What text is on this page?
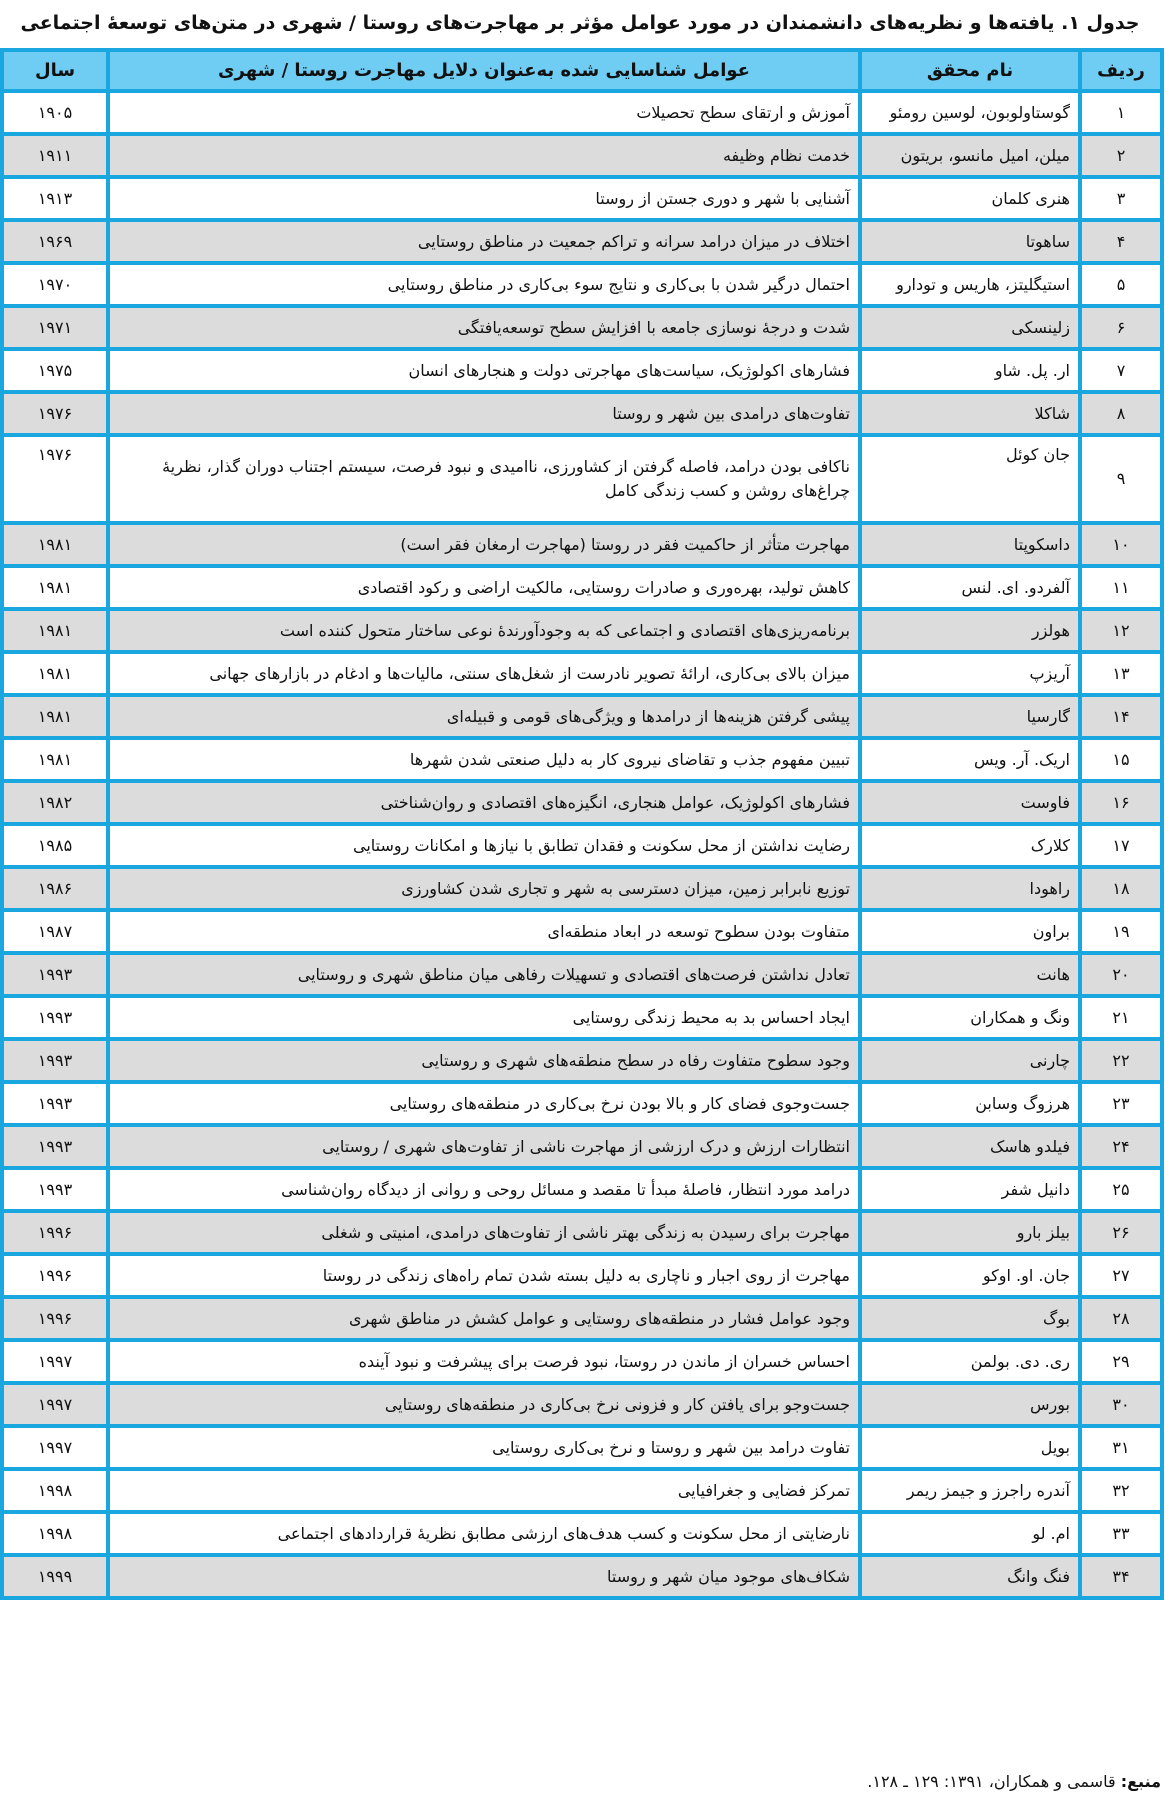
جدول ۱. یافته‌ها و نظریه‌های دانشمندان در مورد عوامل مؤثر بر مهاجرت‌های روستا / شهری در متن‌های توسعهٔ اجتماعی
ردیف	نام محقق	عوامل شناسایی شده به‌عنوان دلایل مهاجرت روستا / شهری	سال
۱	گوستاولوبون، لوسین رومئو	آموزش و ارتقای سطح تحصیلات	۱۹۰۵
۲	میلن، امیل مانسو، بریتون	خدمت نظام وظیفه	۱۹۱۱
۳	هنری کلمان	آشنایی با شهر و دوری جستن از روستا	۱۹۱۳
۴	ساهوتا	اختلاف در میزان درامد سرانه و تراکم جمعیت در مناطق روستایی	۱۹۶۹
۵	استیگلیتز، هاریس و تودارو	احتمال درگیر شدن با بی‌کاری و نتایج سوء بی‌کاری در مناطق روستایی	۱۹۷۰
۶	زلینسکی	شدت و درجهٔ نوسازی جامعه با افزایش سطح توسعه‌یافتگی	۱۹۷۱
۷	ار. پل. شاو	فشارهای اکولوژیک، سیاست‌های مهاجرتی دولت و هنجارهای انسان	۱۹۷۵
۸	شاکلا	تفاوت‌های درامدی بین شهر و روستا	۱۹۷۶
۹	جان کوئل	ناکافی بودن درامد، فاصله گرفتن از کشاورزی، ناامیدی و نبود فرصت، سیستم اجتناب دوران گذار، نظریهٔ چراغ‌های روشن و کسب زندگی کامل	۱۹۷۶
۱۰	داسکوپتا	مهاجرت متأثر از حاکمیت فقر در روستا (مهاجرت ارمغان فقر است)	۱۹۸۱
۱۱	آلفردو. ای. لنس	کاهش تولید، بهره‌وری و صادرات روستایی، مالکیت اراضی و رکود اقتصادی	۱۹۸۱
۱۲	هولزر	برنامه‌ریزی‌های اقتصادی و اجتماعی که به وجودآورندهٔ نوعی ساختار متحول کننده است	۱۹۸۱
۱۳	آریزپ	میزان بالای بی‌کاری، ارائهٔ تصویر نادرست از شغل‌های سنتی، مالیات‌ها و ادغام در بازارهای جهانی	۱۹۸۱
۱۴	گارسیا	پیشی گرفتن هزینه‌ها از درامدها و ویژگی‌های قومی و قبیله‌ای	۱۹۸۱
۱۵	اریک. آر. ویس	تبیین مفهوم جذب و تقاضای نیروی کار به دلیل صنعتی شدن شهرها	۱۹۸۱
۱۶	فاوست	فشارهای اکولوژیک، عوامل هنجاری، انگیزه‌های اقتصادی و روان‌شناختی	۱۹۸۲
۱۷	کلارک	رضایت نداشتن از محل سکونت و فقدان تطابق با نیازها و امکانات روستایی	۱۹۸۵
۱۸	راهودا	توزیع نابرابر زمین، میزان دسترسی به شهر و تجاری شدن کشاورزی	۱۹۸۶
۱۹	براون	متفاوت بودن سطوح توسعه در ابعاد منطقه‌ای	۱۹۸۷
۲۰	هانت	تعادل نداشتن فرصت‌های اقتصادی و تسهیلات رفاهی میان مناطق شهری و روستایی	۱۹۹۳
۲۱	ونگ و همکاران	ایجاد احساس بد به محیط زندگی روستایی	۱۹۹۳
۲۲	چارنی	وجود سطوح متفاوت رفاه در سطح منطقه‌های شهری و روستایی	۱۹۹۳
۲۳	هرزوگ وسابن	جست‌وجوی فضای کار و بالا بودن نرخ بی‌کاری در منطقه‌های روستایی	۱۹۹۳
۲۴	فیلدو هاسک	انتظارات ارزش و درک ارزشی از مهاجرت ناشی از تفاوت‌های شهری / روستایی	۱۹۹۳
۲۵	دانیل شفر	درامد مورد انتظار، فاصلهٔ مبدأ تا مقصد و مسائل روحی و روانی از دیدگاه روان‌شناسی	۱۹۹۳
۲۶	بیلز بارو	مهاجرت برای رسیدن به زندگی بهتر ناشی از تفاوت‌های درامدی، امنیتی و شغلی	۱۹۹۶
۲۷	جان. او. اوکو	مهاجرت از روی اجبار و ناچاری به دلیل بسته شدن تمام راه‌های زندگی در روستا	۱۹۹۶
۲۸	بوگ	وجود عوامل فشار در منطقه‌های روستایی و عوامل کشش در مناطق شهری	۱۹۹۶
۲۹	ری. دی. بولمن	احساس خسران از ماندن در روستا، نبود فرصت برای پیشرفت و نبود آینده	۱۹۹۷
۳۰	بورس	جست‌وجو برای یافتن کار و فزونی نرخ بی‌کاری در منطقه‌های روستایی	۱۹۹۷
۳۱	بویل	تفاوت درامد بین شهر و روستا و نرخ بی‌کاری روستایی	۱۹۹۷
۳۲	آندره راجرز و جیمز ریمر	تمرکز فضایی و جغرافیایی	۱۹۹۸
۳۳	ام. لو	نارضایتی از محل سکونت و کسب هدف‌های ارزشی مطابق نظریهٔ قراردادهای اجتماعی	۱۹۹۸
۳۴	فنگ وانگ	شکاف‌های موجود میان شهر و روستا	۱۹۹۹
منبع: قاسمی و همکاران، ۱۳۹۱: ۱۲۹ ـ ۱۲۸.
